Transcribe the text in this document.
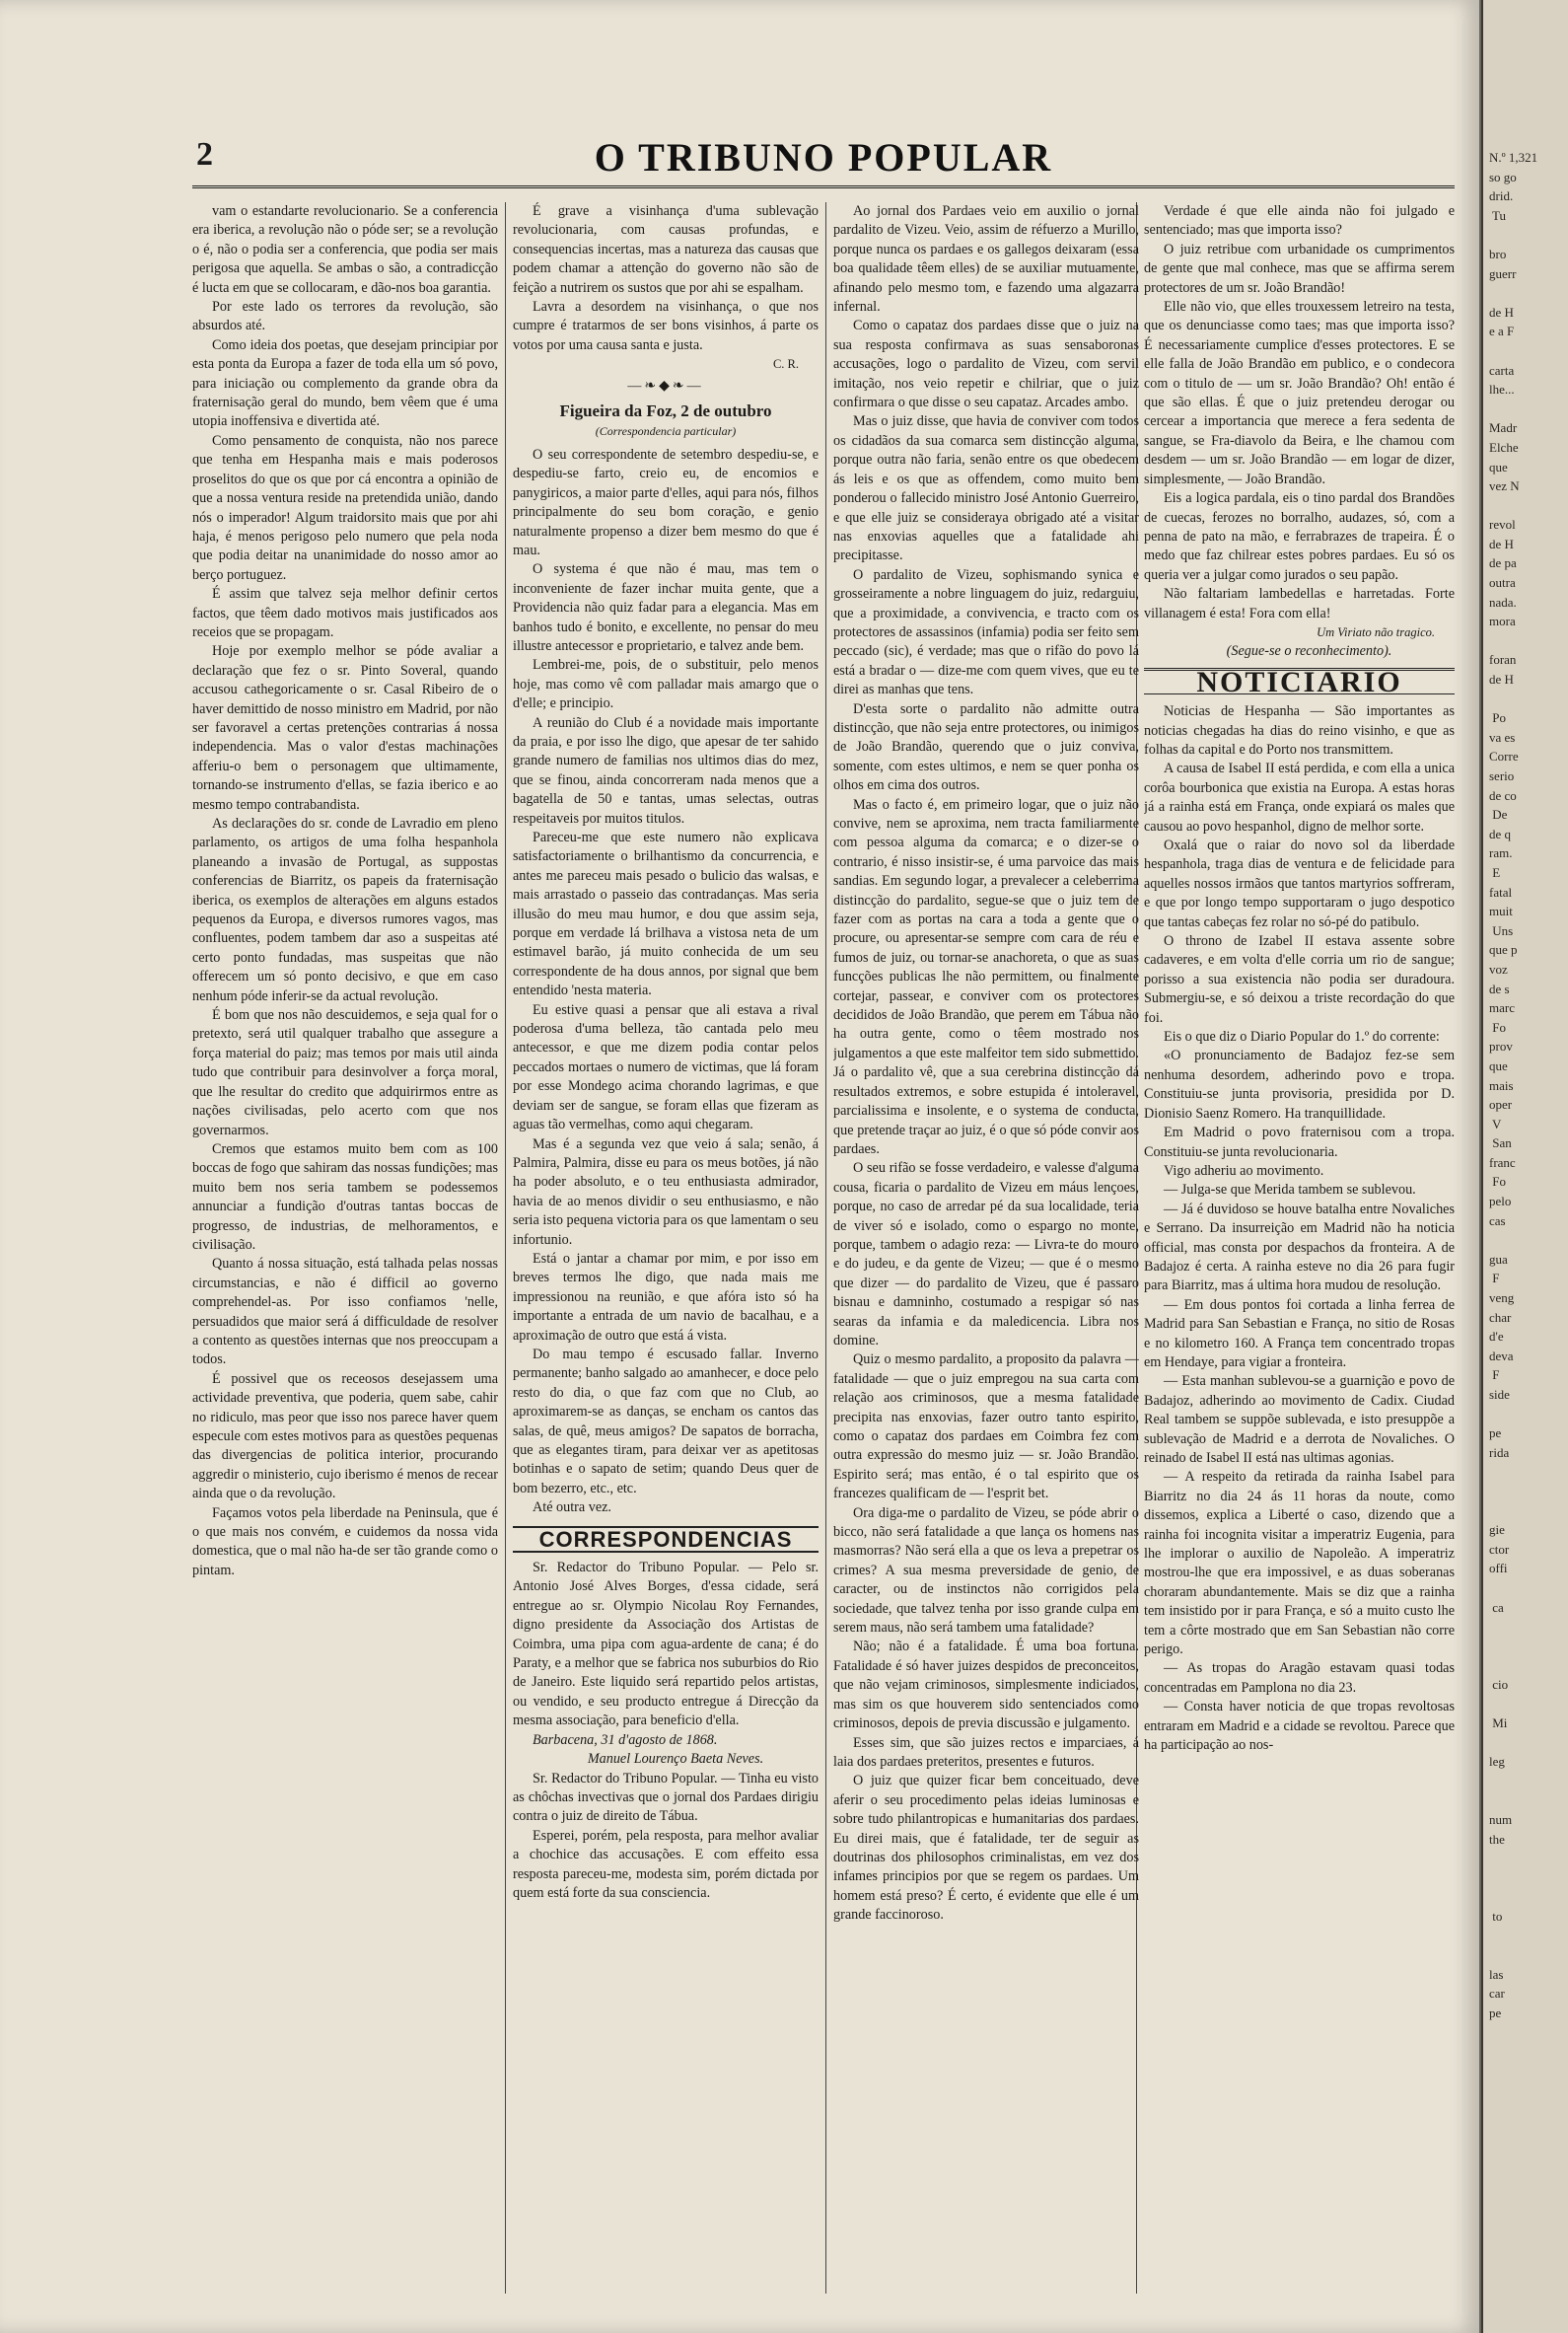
2	O TRIBUNO POPULAR

vam o estandarte revolucionario. Se a conferencia era iberica, a revolução não o póde ser; se a revolução o é, não o podia ser a conferencia, que podia ser mais perigosa que aquella. Se ambas o são, a contradicção é lucta em que se collocaram, e dão-nos boa garantia.

Por este lado os terrores da revolução, são absurdos até.

Como ideia dos poetas, que desejam principiar por esta ponta da Europa a fazer de toda ella um só povo, para iniciação ou complemento da grande obra da fraternisação geral do mundo, bem vêem que é uma utopia inoffensiva e divertida até.

Como pensamento de conquista, não nos parece que tenha em Hespanha mais e mais poderosos proselitos do que os que por cá encontra a opinião de que a nossa ventura reside na pretendida união, dando nós o imperador! Algum traidorsito mais que por ahi haja, é menos perigoso pelo numero que pela noda que podia deitar na unanimidade do nosso amor ao berço portuguez.

É assim que talvez seja melhor definir certos factos, que têem dado motivos mais justificados aos receios que se propagam.

Hoje por exemplo melhor se póde avaliar a declaração que fez o sr. Pinto Soveral, quando accusou cathegoricamente o sr. Casal Ribeiro de o haver demittido de nosso ministro em Madrid, por não ser favoravel a certas pretenções contrarias á nossa independencia. Mas o valor d'estas machinações afferiu-o bem o personagem que ultimamente, tornando-se instrumento d'ellas, se fazia iberico e ao mesmo tempo contrabandista.

As declarações do sr. conde de Lavradio em pleno parlamento, os artigos de uma folha hespanhola planeando a invasão de Portugal, as suppostas conferencias de Biarritz, os papeis da fraternisação iberica, os exemplos de alterações em alguns estados pequenos da Europa, e diversos rumores vagos, mas confluentes, podem tambem dar aso a suspeitas até certo ponto fundadas, mas suspeitas que não offerecem um só ponto decisivo, e que em caso nenhum póde inferir-se da actual revolução.

É bom que nos não descuidemos, e seja qual for o pretexto, será util qualquer trabalho que assegure a força material do paiz; mas temos por mais util ainda tudo que contribuir para desinvolver a força moral, que lhe resultar do credito que adquirirmos entre as nações civilisadas, pelo acerto com que nos governarmos.

Cremos que estamos muito bem com as 100 boccas de fogo que sahiram das nossas fundições; mas muito bem nos seria tambem se podessemos annunciar a fundição d'outras tantas boccas de progresso, de industrias, de melhoramentos, e civilisação.

Quanto á nossa situação, está talhada pelas nossas circumstancias, e não é difficil ao governo comprehendel-as. Por isso confiamos 'nelle, persuadidos que maior será á difficuldade de resolver a contento as questões internas que nos preoccupam a todos.

É possivel que os receosos desejassem uma actividade preventiva, que poderia, quem sabe, cahir no ridiculo, mas peor que isso nos parece haver quem especule com estes motivos para as questões pequenas das divergencias de politica interior, procurando aggredir o ministerio, cujo iberismo é menos de recear ainda que o da revolução.

Façamos votos pela liberdade na Peninsula, que é o que mais nos convém, e cuidemos da nossa vida domestica, que o mal não ha-de ser tão grande como o pintam.

É grave a visinhança d'uma sublevação revolucionaria, com causas profundas, e consequencias incertas, mas a natureza das causas que podem chamar a attenção do governo não são de feição a nutrirem os sustos que por ahi se espalham.

Lavra a desordem na visinhança, o que nos cumpre é tratarmos de ser bons visinhos, á parte os votos por uma causa santa e justa.

C. R.
—❧◆❧—
Figueira da Foz, 2 de outubro
(Correspondencia particular)

O seu correspondente de setembro despediu-se, e despediu-se farto, creio eu, de encomios e panygiricos, a maior parte d'elles, aqui para nós, filhos principalmente do seu bom coração, e genio naturalmente propenso a dizer bem mesmo do que é mau.

O systema é que não é mau, mas tem o inconveniente de fazer inchar muita gente, que a Providencia não quiz fadar para a elegancia. Mas em banhos tudo é bonito, e excellente, no pensar do meu illustre antecessor e proprietario, e talvez ande bem.

Lembrei-me, pois, de o substituir, pelo menos hoje, mas como vê com palladar mais amargo que o d'elle; e principio.

A reunião do Club é a novidade mais importante da praia, e por isso lhe digo, que apesar de ter sahido grande numero de familias nos ultimos dias do mez, que se finou, ainda concorreram nada menos que a bagatella de 50 e tantas, umas selectas, outras respeitaveis por muitos titulos.

Pareceu-me que este numero não explicava satisfactoriamente o brilhantismo da concurrencia, e antes me pareceu mais pesado o bulicio das walsas, e mais arrastado o passeio das contradanças. Mas seria illusão do meu mau humor, e dou que assim seja, porque em verdade lá brilhava a vistosa neta de um estimavel barão, já muito conhecida de um seu correspondente de ha dous annos, por signal que bem entendido 'nesta materia.

Eu estive quasi a pensar que ali estava a rival poderosa d'uma belleza, tão cantada pelo meu antecessor, e que me dizem podia contar pelos peccados mortaes o numero de victimas, que lá foram por esse Mondego acima chorando lagrimas, e que deviam ser de sangue, se foram ellas que fizeram as aguas tão vermelhas, como aqui chegaram.

Mas é a segunda vez que veio á sala; senão, á Palmira, Palmira, disse eu para os meus botões, já não ha poder absoluto, e o teu enthusiasta admirador, havia de ao menos dividir o seu enthusiasmo, e não seria isto pequena victoria para os que lamentam o seu infortunio.

Está o jantar a chamar por mim, e por isso em breves termos lhe digo, que nada mais me impressionou na reunião, e que afóra isto só ha importante a entrada de um navio de bacalhau, e a aproximação de outro que está á vista.

Do mau tempo é escusado fallar. Inverno permanente; banho salgado ao amanhecer, e doce pelo resto do dia, o que faz com que no Club, ao aproximarem-se as danças, se encham os cantos das salas, de quê, meus amigos? De sapatos de borracha, que as elegantes tiram, para deixar ver as apetitosas botinhas e o sapato de setim; quando Deus quer de bom bezerro, etc., etc.

Até outra vez.

CORRESPONDENCIAS

Sr. Redactor do Tribuno Popular. — Pelo sr. Antonio José Alves Borges, d'essa cidade, será entregue ao sr. Olympio Nicolau Roy Fernandes, digno presidente da Associação dos Artistas de Coimbra, uma pipa com agua-ardente de cana; é do Paraty, e a melhor que se fabrica nos suburbios do Rio de Janeiro. Este liquido será repartido pelos artistas, ou vendido, e seu producto entregue á Direcção da mesma associação, para beneficio d'ella.

Barbacena, 31 d'agosto de 1868.

Manuel Lourenço Baeta Neves.

Sr. Redactor do Tribuno Popular. — Tinha eu visto as chôchas invectivas que o jornal dos Pardaes dirigiu contra o juiz de direito de Tábua.

Esperei, porém, pela resposta, para melhor avaliar a chochice das accusações. E com effeito essa resposta pareceu-me, modesta sim, porém dictada por quem está forte da sua consciencia.

Ao jornal dos Pardaes veio em auxilio o jornal pardalito de Vizeu. Veio, assim de réfuerzo a Murillo, porque nunca os pardaes e os gallegos deixaram (essa boa qualidade têem elles) de se auxiliar mutuamente, afinando pelo mesmo tom, e fazendo uma algazarra infernal.

Como o capataz dos pardaes disse que o juiz na sua resposta confirmava as suas sensaboronas accusações, logo o pardalito de Vizeu, com servil imitação, nos veio repetir e chilriar, que o juiz confirmara o que disse o seu capataz. Arcades ambo.

Mas o juiz disse, que havia de conviver com todos os cidadãos da sua comarca sem distincção alguma, porque outra não faria, senão entre os que obedecem ás leis e os que as offendem, como muito bem ponderou o fallecido ministro José Antonio Guerreiro, e que elle juiz se consideraya obrigado até a visitar nas enxovias aquelles que a fatalidade ahi precipitasse.

O pardalito de Vizeu, sophismando synica e grosseiramente a nobre linguagem do juiz, redarguiu, que a proximidade, a convivencia, e tracto com os protectores de assassinos (infamia) podia ser feito sem peccado (sic), é verdade; mas que o rifão do povo lá está a bradar o — dize-me com quem vives, que eu te direi as manhas que tens.

D'esta sorte o pardalito não admitte outra distincção, que não seja entre protectores, ou inimigos de João Brandão, querendo que o juiz conviva, somente, com estes ultimos, e nem se quer ponha os olhos em cima dos outros.

Mas o facto é, em primeiro logar, que o juiz não convive, nem se aproxima, nem tracta familiarmente com pessoa alguma da comarca; e o dizer-se o contrario, é nisso insistir-se, é uma parvoice das mais sandias. Em segundo logar, a prevalecer a celeberrima distincção do pardalito, segue-se que o juiz tem de fazer com as portas na cara a toda a gente que o procure, ou apresentar-se sempre com cara de réu e fumos de juiz, ou tornar-se anachoreta, o que as suas funcções publicas lhe não permittem, ou finalmente cortejar, passear, e conviver com os protectores decididos de João Brandão, que perem em Tábua não ha outra gente, como o têem mostrado nos julgamentos a que este malfeitor tem sido submettido. Já o pardalito vê, que a sua cerebrina distincção dá resultados extremos, e sobre estupida é intoleravel, parcialissima e insolente, e o systema de conducta, que pretende traçar ao juiz, é o que só póde convir aos pardaes.

O seu rifão se fosse verdadeiro, e valesse d'alguma cousa, ficaria o pardalito de Vizeu em máus lençoes, porque, no caso de arredar pé da sua localidade, teria de viver só e isolado, como o espargo no monte, porque, tambem o adagio reza: — Livra-te do mouro e do judeu, e da gente de Vizeu; — que é o mesmo que dizer — do pardalito de Vizeu, que é passaro bisnau e damninho, costumado a respigar só nas searas da infamia e da maledicencia. Libra nos domine.

Quiz o mesmo pardalito, a proposito da palavra — fatalidade — que o juiz empregou na sua carta com relação aos criminosos, que a mesma fatalidade precipita nas enxovias, fazer outro tanto espirito, como o capataz dos pardaes em Coimbra fez com outra expressão do mesmo juiz — sr. João Brandão. Espirito será; mas então, é o tal espirito que os francezes qualificam de — l'esprit bet.

Ora diga-me o pardalito de Vizeu, se póde abrir o bicco, não será fatalidade a que lança os homens nas masmorras? Não será ella a que os leva a prepetrar os crimes? A sua mesma preversidade de genio, de caracter, ou de instinctos não corrigidos pela sociedade, que talvez tenha por isso grande culpa em serem maus, não será tambem uma fatalidade?

Não; não é a fatalidade. É uma boa fortuna. Fatalidade é só haver juizes despidos de preconceitos, que não vejam criminosos, simplesmente indiciados, mas sim os que houverem sido sentenciados como criminosos, depois de previa discussão e julgamento.

Esses sim, que são juizes rectos e imparciaes, á laia dos pardaes preteritos, presentes e futuros.

O juiz que quizer ficar bem conceituado, deve aferir o seu procedimento pelas ideias luminosas e sobre tudo philantropicas e humanitarias dos pardaes. Eu direi mais, que é fatalidade, ter de seguir as doutrinas dos philosophos criminalistas, em vez dos infames principios por que se regem os pardaes. Um homem está preso? É certo, é evidente que elle é um grande faccinoroso.

Verdade é que elle ainda não foi julgado e sentenciado; mas que importa isso?

O juiz retribue com urbanidade os cumprimentos de gente que mal conhece, mas que se affirma serem protectores de um sr. João Brandão!

Elle não vio, que elles trouxessem letreiro na testa, que os denunciasse como taes; mas que importa isso? É necessariamente cumplice d'esses protectores. E se elle falla de João Brandão em publico, e o condecora com o titulo de — um sr. João Brandão? Oh! então é que são ellas. É que o juiz pretendeu derogar ou cercear a importancia que merece a fera sedenta de sangue, se Fra-diavolo da Beira, e lhe chamou com desdem — um sr. João Brandão — em logar de dizer, simplesmente, — João Brandão.

Eis a logica pardala, eis o tino pardal dos Brandões de cuecas, ferozes no borralho, audazes, só, com a penna de pato na mão, e ferrabrazes de trapeira. É o medo que faz chilrear estes pobres pardaes. Eu só os queria ver a julgar como jurados o seu papão.

Não faltariam lambedellas e harretadas. Forte villanagem é esta! Fora com ella!

Um Viriato não tragico.

(Segue-se o reconhecimento).

NOTICIARIO

Noticias de Hespanha — São importantes as noticias chegadas ha dias do reino visinho, e que as folhas da capital e do Porto nos transmittem.

A causa de Isabel II está perdida, e com ella a unica corôa bourbonica que existia na Europa. A estas horas já a rainha está em França, onde expiará os males que causou ao povo hespanhol, digno de melhor sorte.

Oxalá que o raiar do novo sol da liberdade hespanhola, traga dias de ventura e de felicidade para aquelles nossos irmãos que tantos martyrios soffreram, e que por longo tempo supportaram o jugo despotico que tantas cabeças fez rolar no só-pé do patibulo.

O throno de Izabel II estava assente sobre cadaveres, e em volta d'elle corria um rio de sangue; porisso a sua existencia não podia ser duradoura. Submergiu-se, e só deixou a triste recordação do que foi.

Eis o que diz o Diario Popular do 1.º do corrente:

«O pronunciamento de Badajoz fez-se sem nenhuma desordem, adherindo povo e tropa. Constituiu-se junta provisoria, presidida por D. Dionisio Saenz Romero. Ha tranquillidade.

Em Madrid o povo fraternisou com a tropa. Constituiu-se junta revolucionaria.

Vigo adheriu ao movimento.

— Julga-se que Merida tambem se sublevou.

— Já é duvidoso se houve batalha entre Novaliches e Serrano. Da insurreição em Madrid não ha noticia official, mas consta por despachos da fronteira. A de Badajoz é certa. A rainha esteve no dia 26 para fugir para Biarritz, mas á ultima hora mudou de resolução.

— Em dous pontos foi cortada a linha ferrea de Madrid para San Sebastian e França, no sitio de Rosas e no kilometro 160. A França tem concentrado tropas em Hendaye, para vigiar a fronteira.

— Esta manhan sublevou-se a guarnição e povo de Badajoz, adherindo ao movimento de Cadix. Ciudad Real tambem se suppõe sublevada, e isto presuppõe a sublevação de Madrid e a derrota de Novaliches. O reinado de Isabel II está nas ultimas agonias.

— A respeito da retirada da rainha Isabel para Biarritz no dia 24 ás 11 horas da noute, como dissemos, explica a Liberté o caso, dizendo que a rainha foi incognita visitar a imperatriz Eugenia, para lhe implorar o auxilio de Napoleão. A imperatriz mostrou-lhe que era impossivel, e as duas soberanas choraram abundantemente. Mais se diz que a rainha tem insistido por ir para França, e só a muito custo lhe tem a côrte mostrado que em San Sebastian não corre perigo.

— As tropas do Aragão estavam quasi todas concentradas em Pamplona no dia 23.

— Consta haver noticia de que tropas revoltosas entraram em Madrid e a cidade se revoltou. Parece que ha participação ao nos-

N.º 1,321
so go
drid.
Tu

bro
guerr

de H
e a F

carta
lhe...

Madr
Elche
que
vez N

revol
de H
de pa
outra
nada.
mora

foran
de H

Po
va es
Corre
serio
de co
De
de q
ram.
E
fatal
muit
Uns
que p
voz
de s
marc
Fo
prov
que
mais
oper
V
San
franc
Fo
pelo
cas

gua
F
veng
char
d'e
deva
F
side

pe
rida

gie
ctor
offi

ca

cio

Mi

leg

num
the

to

las
car
pe
